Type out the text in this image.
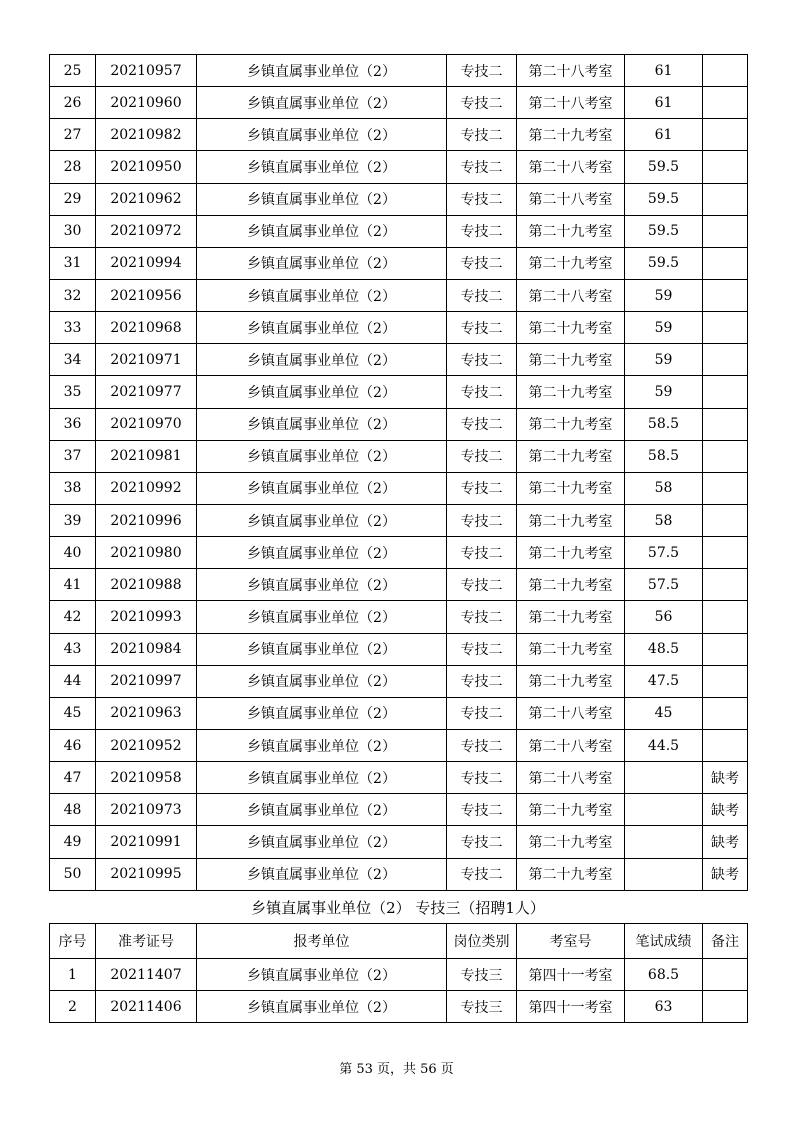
25	20210957	乡镇直属事业单位（2）	专技二	第二十八考室	61	
26	20210960	乡镇直属事业单位（2）	专技二	第二十八考室	61	
27	20210982	乡镇直属事业单位（2）	专技二	第二十九考室	61	
28	20210950	乡镇直属事业单位（2）	专技二	第二十八考室	59.5	
29	20210962	乡镇直属事业单位（2）	专技二	第二十八考室	59.5	
30	20210972	乡镇直属事业单位（2）	专技二	第二十九考室	59.5	
31	20210994	乡镇直属事业单位（2）	专技二	第二十九考室	59.5	
32	20210956	乡镇直属事业单位（2）	专技二	第二十八考室	59	
33	20210968	乡镇直属事业单位（2）	专技二	第二十九考室	59	
34	20210971	乡镇直属事业单位（2）	专技二	第二十九考室	59	
35	20210977	乡镇直属事业单位（2）	专技二	第二十九考室	59	
36	20210970	乡镇直属事业单位（2）	专技二	第二十九考室	58.5	
37	20210981	乡镇直属事业单位（2）	专技二	第二十九考室	58.5	
38	20210992	乡镇直属事业单位（2）	专技二	第二十九考室	58	
39	20210996	乡镇直属事业单位（2）	专技二	第二十九考室	58	
40	20210980	乡镇直属事业单位（2）	专技二	第二十九考室	57.5	
41	20210988	乡镇直属事业单位（2）	专技二	第二十九考室	57.5	
42	20210993	乡镇直属事业单位（2）	专技二	第二十九考室	56	
43	20210984	乡镇直属事业单位（2）	专技二	第二十九考室	48.5	
44	20210997	乡镇直属事业单位（2）	专技二	第二十九考室	47.5	
45	20210963	乡镇直属事业单位（2）	专技二	第二十八考室	45	
46	20210952	乡镇直属事业单位（2）	专技二	第二十八考室	44.5	
47	20210958	乡镇直属事业单位（2）	专技二	第二十八考室		缺考
48	20210973	乡镇直属事业单位（2）	专技二	第二十九考室		缺考
49	20210991	乡镇直属事业单位（2）	专技二	第二十九考室		缺考
50	20210995	乡镇直属事业单位（2）	专技二	第二十九考室		缺考
乡镇直属事业单位（2） 专技三（招聘1人）
序号	准考证号	报考单位	岗位类别	考室号	笔试成绩	备注
1	20211407	乡镇直属事业单位（2）	专技三	第四十一考室	68.5	
2	20211406	乡镇直属事业单位（2）	专技三	第四十一考室	63	
第 53 页，共 56 页
